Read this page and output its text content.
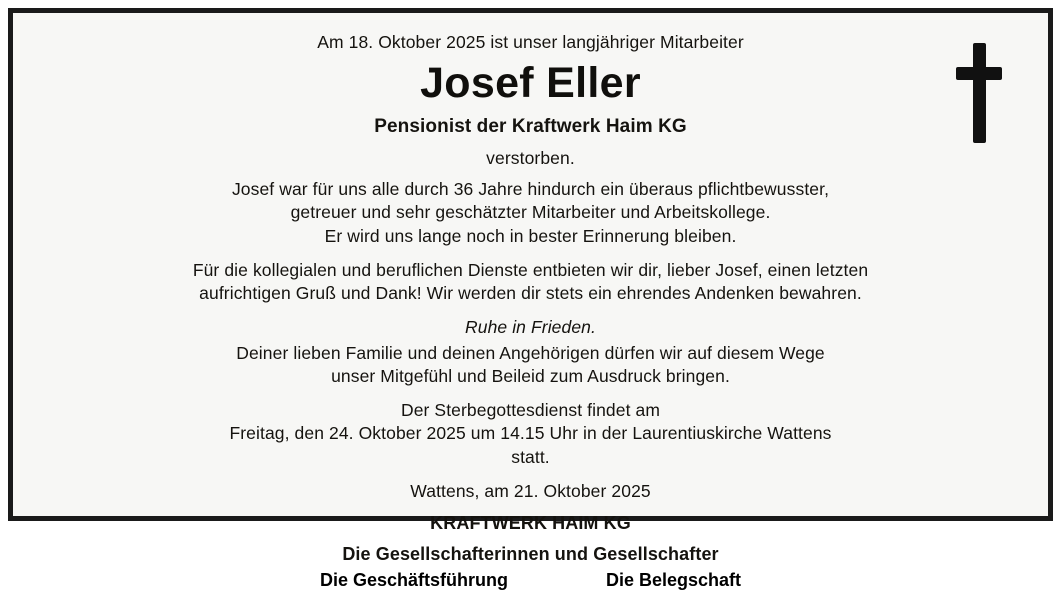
Am 18. Oktober 2025 ist unser langjähriger Mitarbeiter
Josef Eller
Pensionist der Kraftwerk Haim KG
verstorben.
Josef war für uns alle durch 36 Jahre hindurch ein überaus pflichtbewusster,
getreuer und sehr geschätzter Mitarbeiter und Arbeitskollege.
Er wird uns lange noch in bester Erinnerung bleiben.
Für die kollegialen und beruflichen Dienste entbieten wir dir, lieber Josef, einen letzten
aufrichtigen Gruß und Dank! Wir werden dir stets ein ehrendes Andenken bewahren.
Ruhe in Frieden.
Deiner lieben Familie und deinen Angehörigen dürfen wir auf diesem Wege
unser Mitgefühl und Beileid zum Ausdruck bringen.
Der Sterbegottesdienst findet am
Freitag, den 24. Oktober 2025 um 14.15 Uhr in der Laurentiuskirche Wattens
statt.
Wattens, am 21. Oktober 2025
KRAFTWERK HAIM KG
Die Gesellschafterinnen und Gesellschafter
Die Geschäftsführung	Die Belegschaft
